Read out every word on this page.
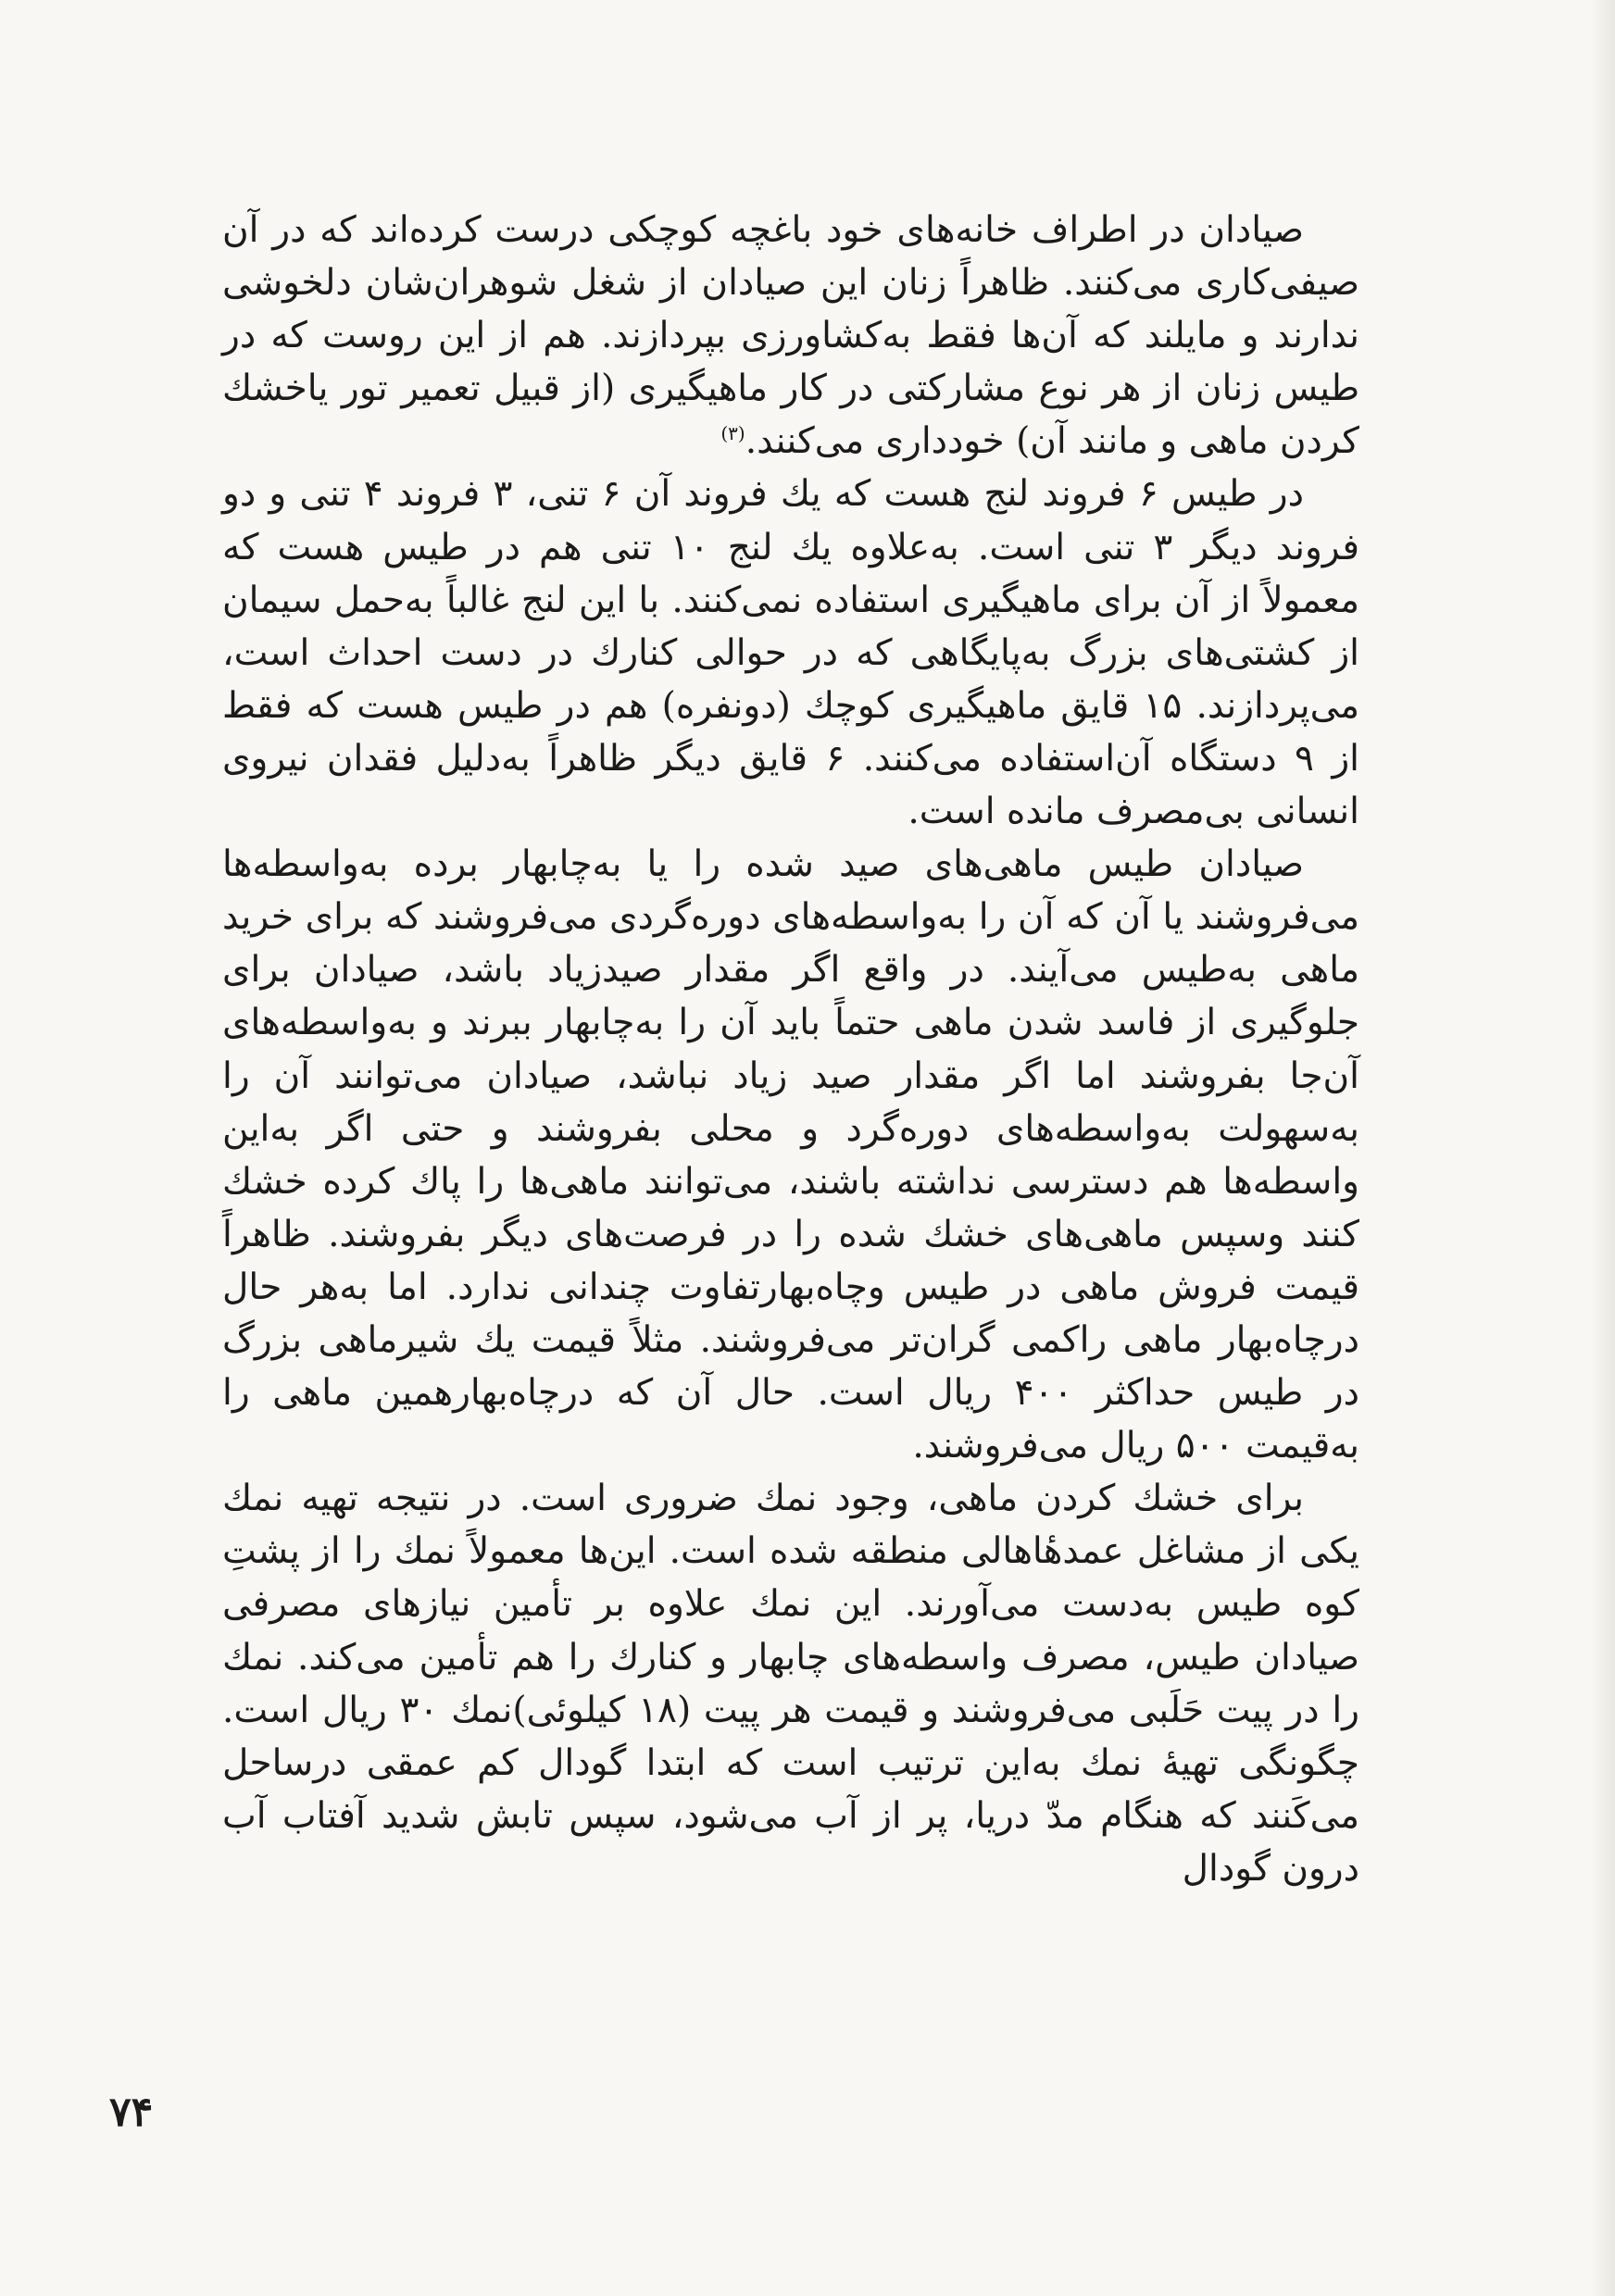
صیادان در اطراف خانه‌های خود باغچه کوچکی درست کرده‌اند که در آن صیفی‌کاری می‌کنند. ظاهراً زنان این صیادان از شغل شوهران‌شان دلخوشی ندارند و مایلند که آن‌ها فقط به‌کشاورزی بپردازند. هم از این روست که در طیس زنان از هر نوع مشارکتی در کار ماهیگیری (از قبیل تعمیر تور یاخشك كردن ماهی و مانند آن) خودداری می‌کنند.$^{(۳)}$

در طیس ۶ فروند لنج هست که یك فروند آن ۶ تنی، ۳ فروند ۴ تنی و دو فروند دیگر ۳ تنی است. به‌علاوه یك لنج ۱۰ تنی هم در طیس هست که معمولاً از آن برای ماهیگیری استفاده نمی‌کنند. با این لنج غالباً به‌حمل سیمان از کشتی‌های بزرگ به‌پایگاهی که در حوالی کنارك در دست احداث است، می‌پردازند. ۱۵ قایق ماهیگیری کوچك (دونفره) هم در طیس هست که فقط از ۹ دستگاه آن‌استفاده می‌کنند. ۶ قایق دیگر ظاهراً به‌دلیل فقدان نیروی انسانی بی‌مصرف مانده است.

صیادان طیس ماهی‌های صید شده را یا به‌چابهار برده به‌واسطه‌ها می‌فروشند یا آن که آن را به‌واسطه‌های دوره‌گردی می‌فروشند که برای خرید ماهی به‌طیس می‌آیند. در واقع اگر مقدار صیدزیاد باشد، صیادان برای جلوگیری از فاسد شدن ماهی حتماً باید آن را به‌چابهار ببرند و به‌واسطه‌های آن‌جا بفروشند اما اگر مقدار صید زیاد نباشد، صیادان می‌توانند آن را به‌سهولت به‌واسطه‌های دوره‌گرد و محلی بفروشند و حتی اگر به‌این واسطه‌ها هم دسترسی نداشته باشند، می‌توانند ماهی‌ها را پاك کرده خشك کنند وسپس ماهی‌های خشك شده را در فرصت‌های دیگر بفروشند. ظاهراً قیمت فروش ماهی در طیس وچاه‌بهارتفاوت چندانی ندارد. اما به‌هر حال درچاه‌بهار ماهی راکمی گران‌تر می‌فروشند. مثلاً قیمت یك شیرماهی بزرگ در طیس حداکثر ۴۰۰ ریال است. حال آن که درچاه‌بهارهمین ماهی را به‌قیمت ۵۰۰ ریال می‌فروشند.

برای خشك کردن ماهی، وجود نمك ضروری است. در نتیجه تهیه نمك یکی از مشاغل عمدهٔاهالی منطقه شده است. این‌ها معمولاً نمك را از پشتِ کوه طیس به‌دست می‌آورند. این نمك علاوه بر تأمین نیازهای مصرفی صیادان طیس، مصرف واسطه‌های چابهار و کنارك را هم تأمین می‌کند. نمك را در پیت حَلَبی می‌فروشند و قیمت هر پیت (۱۸ کیلوئی)نمك ۳۰ ریال است. چگونگی تهیهٔ نمك به‌این ترتیب است که ابتدا گودال کم عمقی درساحل می‌کَنند که هنگام مدّ دریا، پر از آب می‌شود، سپس تابش شدید آفتاب آب درون گودال

۷۴
